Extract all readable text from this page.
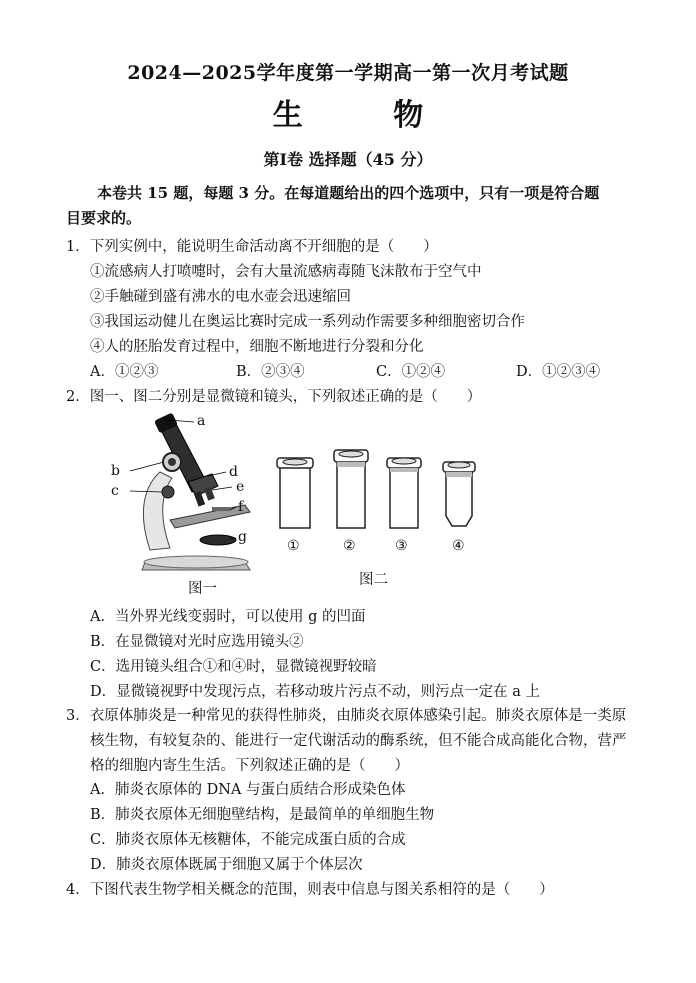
2024—2025学年度第一学期高一第一次月考试题
生 物
第Ⅰ卷 选择题（45 分）
本卷共 15 题，每题 3 分。在每道题给出的四个选项中，只有一项是符合题
目要求的。
1．下列实例中，能说明生命活动离不开细胞的是（　　）
①流感病人打喷嚏时，会有大量流感病毒随飞沫散布于空气中
②手触碰到盛有沸水的电水壶会迅速缩回
③我国运动健儿在奥运比赛时完成一系列动作需要多种细胞密切合作
④人的胚胎发育过程中，细胞不断地进行分裂和分化
A．①②③	B．②③④	C．①②④	D．①②③④
2．图一、图二分别是显微镜和镜头，下列叙述正确的是（　　）
a
b
c
d
e
f
g
图一
①	②	③	④
图二
A．当外界光线变弱时，可以使用 g 的凹面
B．在显微镜对光时应选用镜头②
C．选用镜头组合①和④时，显微镜视野较暗
D．显微镜视野中发现污点，若移动玻片污点不动，则污点一定在 a 上
3．衣原体肺炎是一种常见的获得性肺炎，由肺炎衣原体感染引起。肺炎衣原体是一类原
核生物，有较复杂的、能进行一定代谢活动的酶系统，但不能合成高能化合物，营严
格的细胞内寄生生活。下列叙述正确的是（　　）
A．肺炎衣原体的 DNA 与蛋白质结合形成染色体
B．肺炎衣原体无细胞壁结构，是最简单的单细胞生物
C．肺炎衣原体无核糖体，不能完成蛋白质的合成
D．肺炎衣原体既属于细胞又属于个体层次
4．下图代表生物学相关概念的范围，则表中信息与图关系相符的是（　　）
